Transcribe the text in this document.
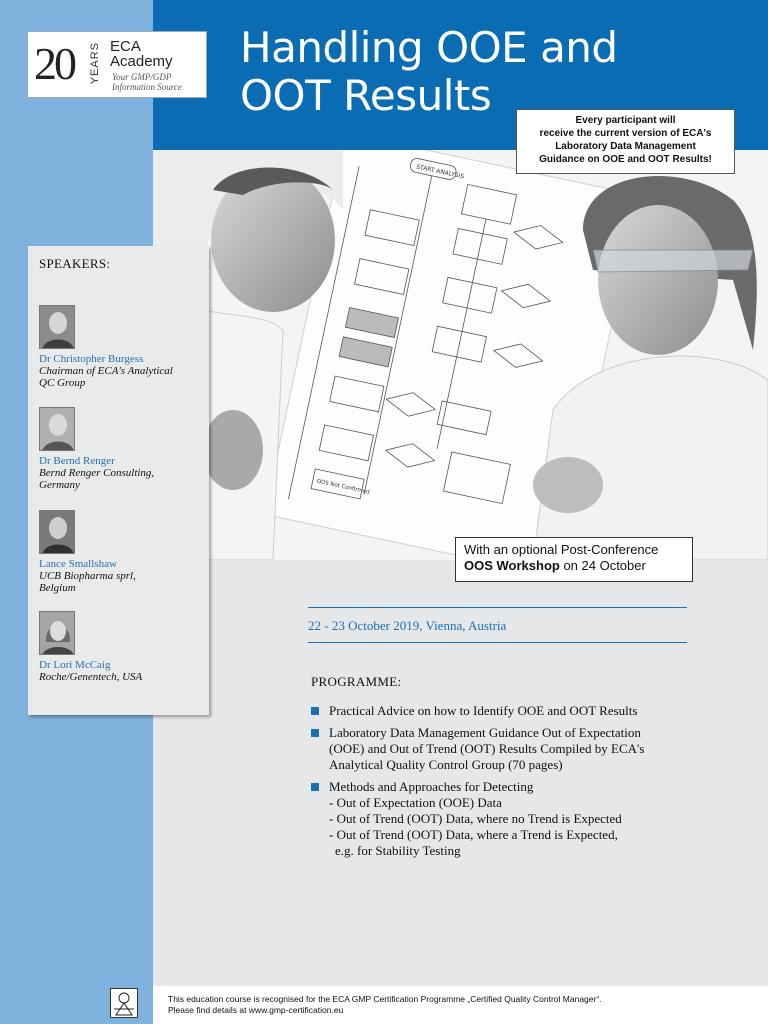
20 YEARS ECA
Academy
Your GMP/GDP Information Source
Handling OOE and
OOT Results
START ANALYSIS
OOS Not Confirmed
Every participant will
receive the current version of ECA's
Laboratory Data Management
Guidance on OOE and OOT Results!
With an optional Post-Conference
OOS Workshop on 24 October
SPEAKERS:
Dr Christopher Burgess
Chairman of ECA's Analytical
QC Group
Dr Bernd Renger
Bernd Renger Consulting,
Germany
Lance Smallshaw
UCB Biopharma sprl,
Belgium
Dr Lori McCaig
Roche/Genentech, USA
22 - 23 October 2019, Vienna, Austria
PROGRAMME:
Practical Advice on how to Identify OOE and OOT Results
Laboratory Data Management Guidance Out of Expectation
(OOE) and Out of Trend (OOT) Results Compiled by ECA's
Analytical Quality Control Group (70 pages)
Methods and Approaches for Detecting
- Out of Expectation (OOE) Data
- Out of Trend (OOT) Data, where no Trend is Expected
- Out of Trend (OOT) Data, where a Trend is Expected,
e.g. for Stability Testing
This education course is recognised for the ECA GMP Certification Programme „Certified Quality Control Manager“.
Please find details at www.gmp-certification.eu
